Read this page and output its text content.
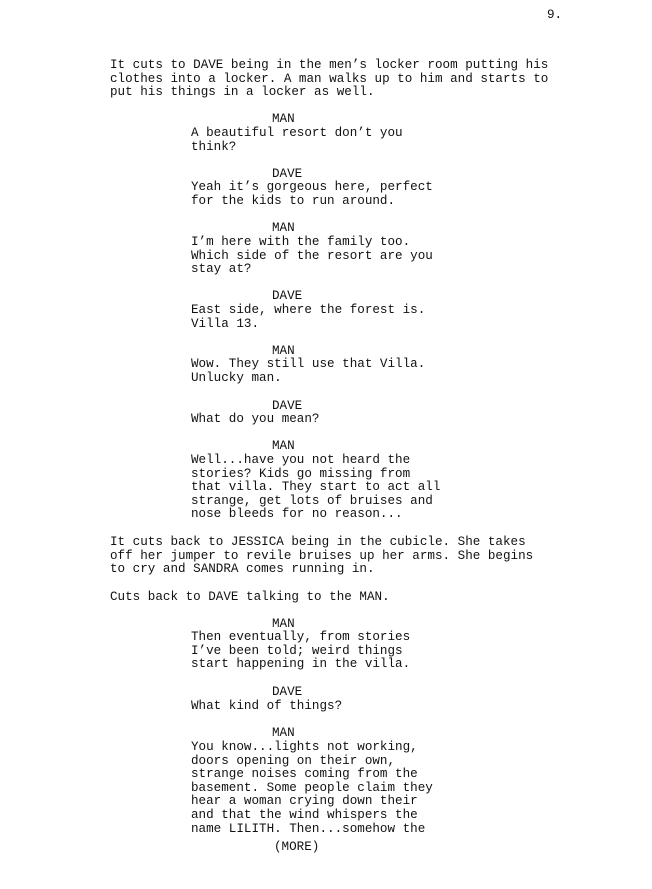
9.
It cuts to DAVE being in the men’s locker room putting his
clothes into a locker. A man walks up to him and starts to
put his things in a locker as well.
MAN
A beautiful resort don’t you
think?
DAVE
Yeah it’s gorgeous here, perfect
for the kids to run around.
MAN
I’m here with the family too.
Which side of the resort are you
stay at?
DAVE
East side, where the forest is.
Villa 13.
MAN
Wow. They still use that Villa.
Unlucky man.
DAVE
What do you mean?
MAN
Well...have you not heard the
stories? Kids go missing from
that villa. They start to act all
strange, get lots of bruises and
nose bleeds for no reason...
It cuts back to JESSICA being in the cubicle. She takes
off her jumper to revile bruises up her arms. She begins
to cry and SANDRA comes running in.
Cuts back to DAVE talking to the MAN.
MAN
Then eventually, from stories
I’ve been told; weird things
start happening in the villa.
DAVE
What kind of things?
MAN
You know...lights not working,
doors opening on their own,
strange noises coming from the
basement. Some people claim they
hear a woman crying down their
and that the wind whispers the
name LILITH. Then...somehow the
(MORE)
